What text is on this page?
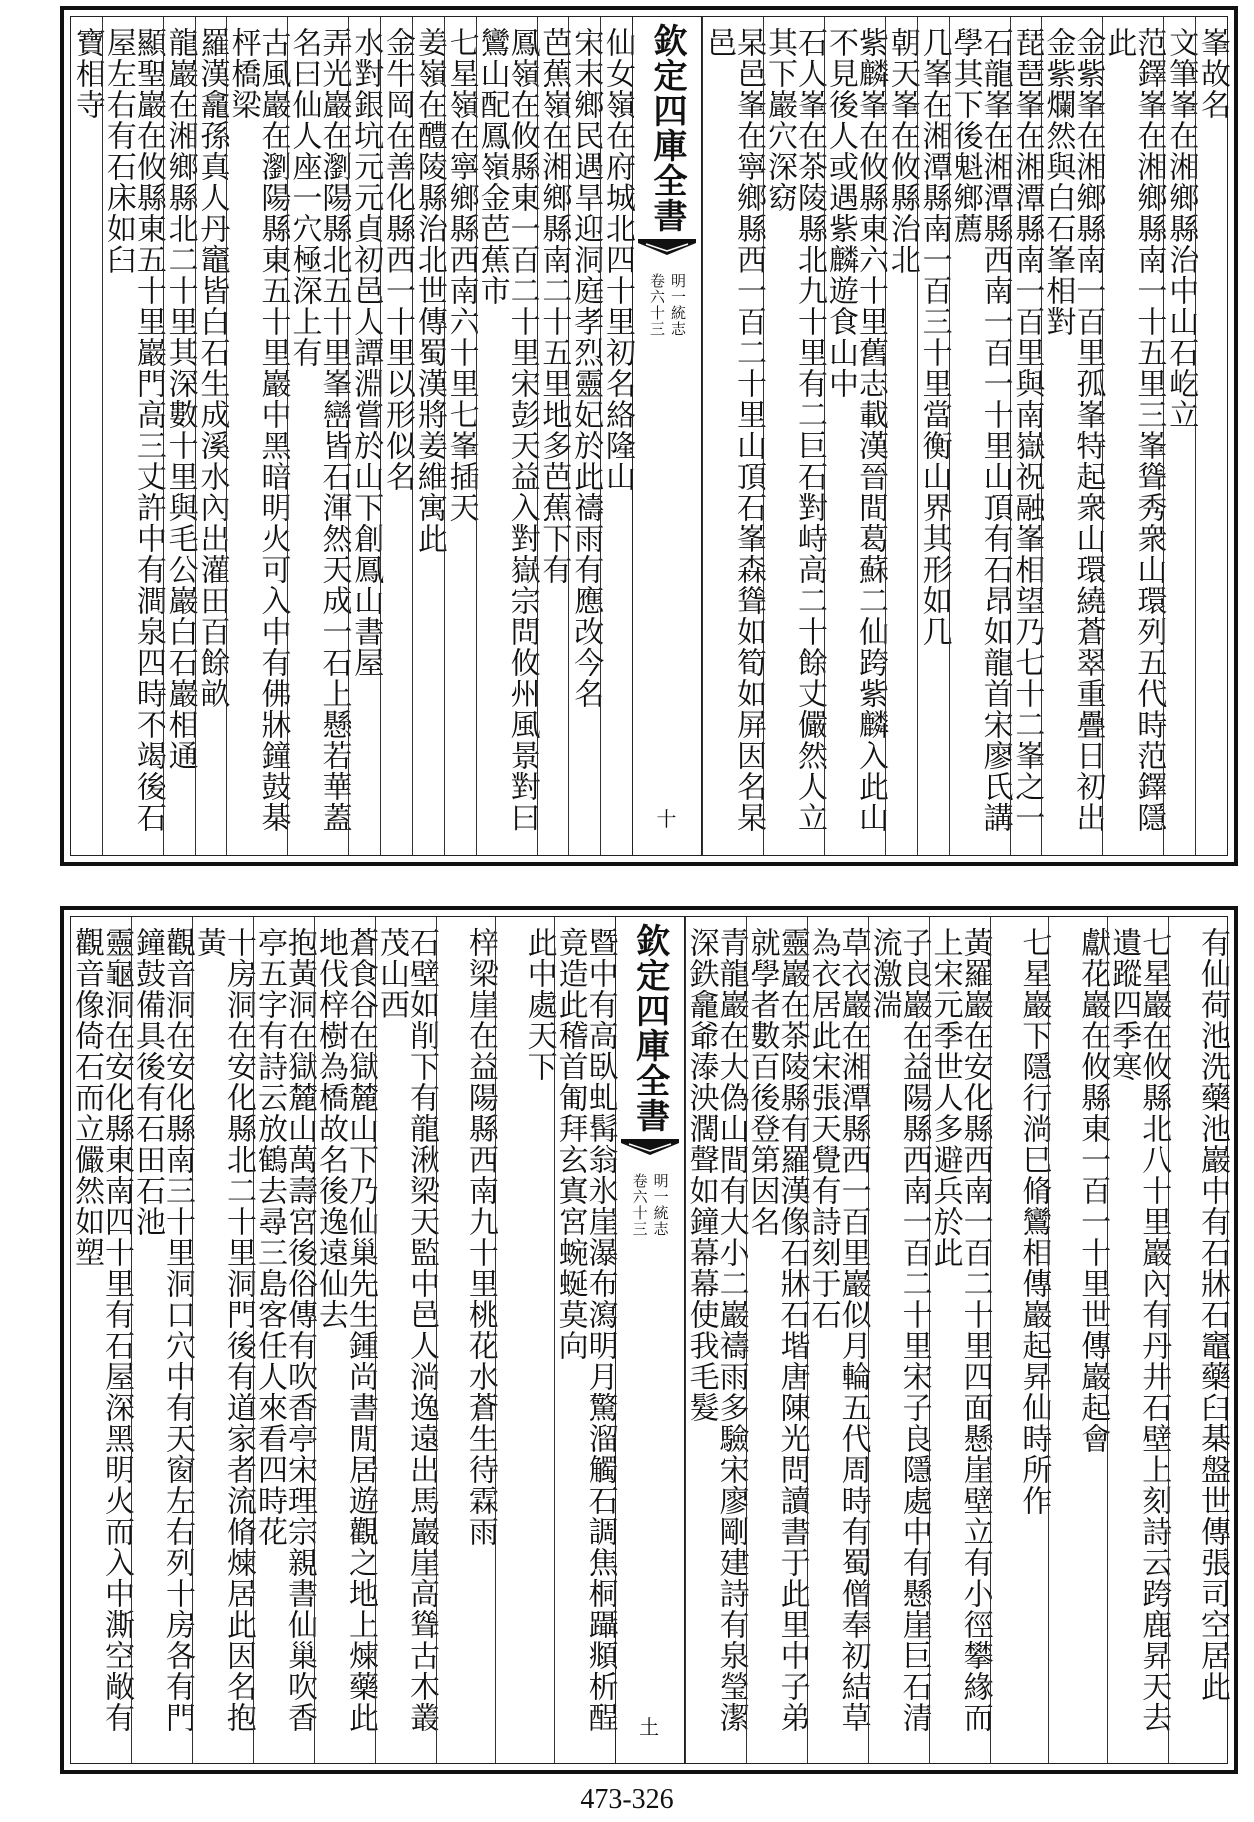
峯故名
文筆峯在湘鄉縣治中山石屹立
范鐸峯在湘鄉縣南一十五里三峯聳秀衆山環列五代時范鐸隱此
金紫峯在湘鄉縣南一百里孤峯特起衆山環繞蒼翠重疊日初出金紫爛然與白石峯相對
琵琶峯在湘潭縣南一百里與南嶽祝融峯相望乃七十二峯之一
石龍峯在湘潭縣西南一百一十里山頂有石昂如龍首宋廖氏講學其下後魁鄉薦
几峯在湘潭縣南一百三十里當衡山界其形如几
朝天峯在攸縣治北
紫麟峯在攸縣東六十里舊志載漢晉間葛蘇二仙跨紫麟入此山不見後人或遇紫麟遊食山中
石人峯在茶陵縣北九十里有二巨石對峙高二十餘丈儼然人立其下巖穴深窈
杲邑峯在寧鄉縣西一百二十里山頂石峯森聳如筍如屏因名杲邑
欽定四庫全書
明一統志
卷六十三
十
仙女嶺在府城北四十里初名絡隆山
宋末鄉民遇旱迎洞庭孝烈靈妃於此禱雨有應改今名
芭蕉嶺在湘鄉縣南二十五里地多芭蕉下有
鳳嶺在攸縣東一百二十里宋彭天益入對嶽宗問攸州風景對曰鸞山配鳳嶺金芭蕉市
七星嶺在寧鄉縣西南六十里七峯插天
姜嶺在醴陵縣治北世傳蜀漢將姜維寓此
金牛岡在善化縣西一十里以形似名
水對銀坑元元貞初邑人譚淵嘗於山下創鳳山書屋
弄光巖在瀏陽縣北五十里峯巒皆石渾然天成一石上懸若華蓋名曰仙人座一穴極深上有
古風巖在瀏陽縣東五十里巖中黑暗明火可入中有佛牀鐘鼓棊枰橋梁
羅漢龕孫真人丹竈皆白石生成溪水內出灌田百餘畝
龍巖在湘鄉縣北二十里其深數十里與毛公巖白石巖相通
顯聖巖在攸縣東五十里巖門高三丈許中有澗泉四時不竭後石屋左右有石床如臼
寶相寺
有仙荷池洗藥池巖中有石牀石竈藥臼棊盤世傳張司空居此
七星巖在攸縣北八十里巖內有丹井石壁上刻詩云跨鹿昇天去遺蹤四季寒
獻花巖在攸縣東一百一十里世傳巖起會
七星巖下隱行淌巳脩鸞相傳巖起昇仙時所作
黃羅巖在安化縣西南一百二十里四面懸崖壁立有小徑攀緣而上宋元季世人多避兵於此
子良巖在益陽縣西南一百二十里宋子良隱處中有懸崖巨石清流激湍
草衣巖在湘潭縣西一百里巖似月輪五代周時有蜀僧奉初結草為衣居此宋張天覺有詩刻于石
靈巖在茶陵縣有羅漢像石牀石堦唐陳光問讀書于此里中子弟就學者數百後登第因名
青龍巖在大偽山間有大小二巖禱雨多驗宋廖剛建詩有泉瑩潔深鉄龕爺溙泱濶聲如鐘幕幕使我毛髮
欽定四庫全書
明一統志
卷六十三
土
暨中有高臥虬髯翁氷崖瀑布瀉明月驚溜觸石調焦桐躡頫析酲竟造此稽首匍拜玄寘宮蜿蜒莫向
此中處天下
梓梁崖在益陽縣西南九十里桃花水蒼生待霖雨
石壁如削下有龍湫梁天監中邑人淌逸遠出馬巖崖高聳古木叢茂山西
蒼食谷在獄麓山下乃仙巢先生鍾尚書閒居遊觀之地上煉藥此地伐梓樹為橋故名後逸遠仙去
抱黃洞在獄麓山萬壽宮後俗傳有吹香亭宋理宗親書仙巢吹香亭五字有詩云放鶴去尋三島客任人來看四時花
十房洞在安化縣北二十里洞門後有道家者流脩煉居此因名抱黃
觀音洞在安化縣南三十里洞口穴中有天窗左右列十房各有門鐘鼓備具後有石田石池
靈龜洞在安化縣東南四十里有石屋深黑明火而入中澌空敞有觀音像倚石而立儼然如塑
473-326
